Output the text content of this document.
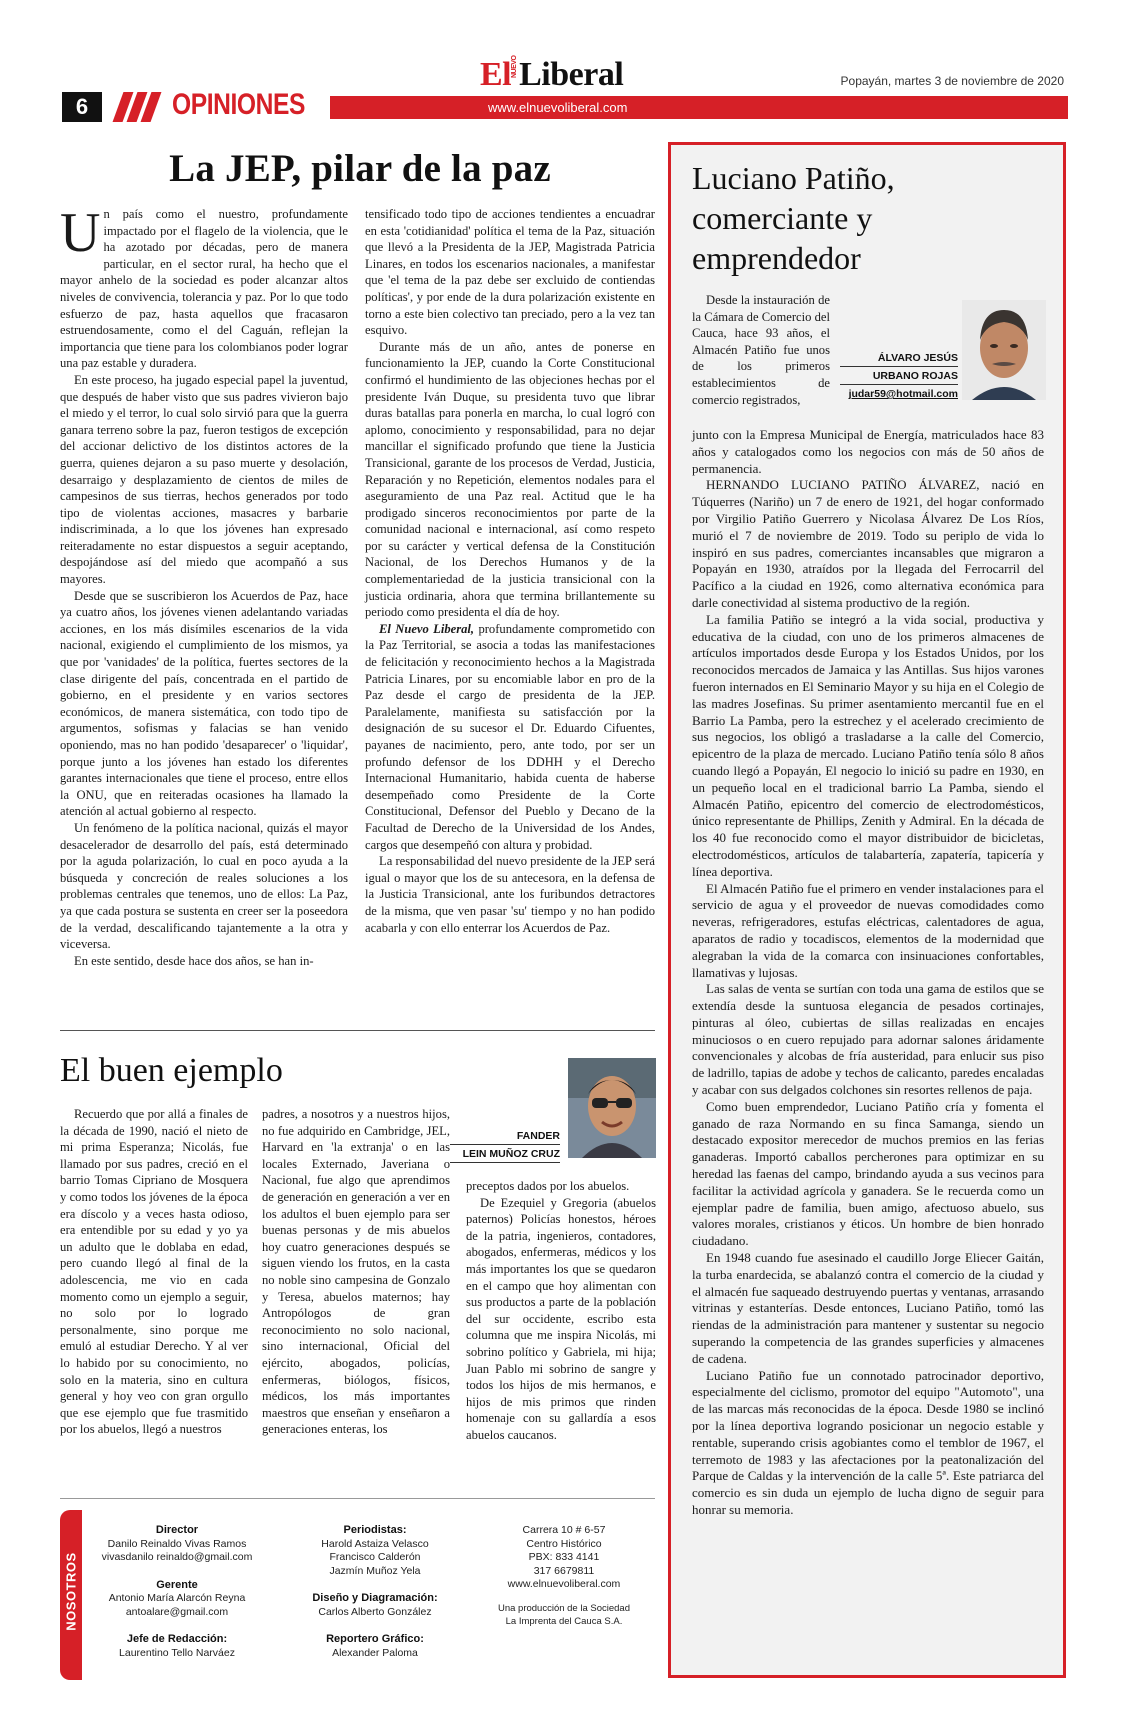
ElNUEVOLiberal	Popayán, martes 3 de noviembre de 2020
6	OPINIONES	www.elnuevoliberal.com
La JEP, pilar de la paz

Un país como el nuestro, profundamente impactado por el flagelo de la violencia, que le ha azotado por décadas, pero de manera particular, en el sector rural, ha hecho que el mayor anhelo de la sociedad es poder alcanzar altos niveles de convivencia, tolerancia y paz. Por lo que todo esfuerzo de paz, hasta aquellos que fracasaron estruendosamente, como el del Caguán, reflejan la importancia que tiene para los colombianos poder lograr una paz estable y duradera.

En este proceso, ha jugado especial papel la juventud, que después de haber visto que sus padres vivieron bajo el miedo y el terror, lo cual solo sirvió para que la guerra ganara terreno sobre la paz, fueron testigos de excepción del accionar delictivo de los distintos actores de la guerra, quienes dejaron a su paso muerte y desolación, desarraigo y desplazamiento de cientos de miles de campesinos de sus tierras, hechos generados por todo tipo de violentas acciones, masacres y barbarie indiscriminada, a lo que los jóvenes han expresado reiteradamente no estar dispuestos a seguir aceptando, despojándose así del miedo que acompañó a sus mayores.

Desde que se suscribieron los Acuerdos de Paz, hace ya cuatro años, los jóvenes vienen adelantando variadas acciones, en los más disímiles escenarios de la vida nacional, exigiendo el cumplimiento de los mismos, ya que por 'vanidades' de la política, fuertes sectores de la clase dirigente del país, concentrada en el partido de gobierno, en el presidente y en varios sectores económicos, de manera sistemática, con todo tipo de argumentos, sofismas y falacias se han venido oponiendo, mas no han podido 'desaparecer' o 'liquidar', porque junto a los jóvenes han estado los diferentes garantes internacionales que tiene el proceso, entre ellos la ONU, que en reiteradas ocasiones ha llamado la atención al actual gobierno al respecto.

Un fenómeno de la política nacional, quizás el mayor desacelerador de desarrollo del país, está determinado por la aguda polarización, lo cual en poco ayuda a la búsqueda y concreción de reales soluciones a los problemas centrales que tenemos, uno de ellos: La Paz, ya que cada postura se sustenta en creer ser la poseedora de la verdad, descalificando tajantemente a la otra y viceversa.

En este sentido, desde hace dos años, se han in-

tensificado todo tipo de acciones tendientes a encuadrar en esta 'cotidianidad' política el tema de la Paz, situación que llevó a la Presidenta de la JEP, Magistrada Patricia Linares, en todos los escenarios nacionales, a manifestar que 'el tema de la paz debe ser excluido de contiendas políticas', y por ende de la dura polarización existente en torno a este bien colectivo tan preciado, pero a la vez tan esquivo.

Durante más de un año, antes de ponerse en funcionamiento la JEP, cuando la Corte Constitucional confirmó el hundimiento de las objeciones hechas por el presidente Iván Duque, su presidenta tuvo que librar duras batallas para ponerla en marcha, lo cual logró con aplomo, conocimiento y responsabilidad, para no dejar mancillar el significado profundo que tiene la Justicia Transicional, garante de los procesos de Verdad, Justicia, Reparación y no Repetición, elementos nodales para el aseguramiento de una Paz real. Actitud que le ha prodigado sinceros reconocimientos por parte de la comunidad nacional e internacional, así como respeto por su carácter y vertical defensa de la Constitución Nacional, de los Derechos Humanos y de la complementariedad de la justicia transicional con la justicia ordinaria, ahora que termina brillantemente su periodo como presidenta el día de hoy.

El Nuevo Liberal, profundamente comprometido con la Paz Territorial, se asocia a todas las manifestaciones de felicitación y reconocimiento hechos a la Magistrada Patricia Linares, por su encomiable labor en pro de la Paz desde el cargo de presidenta de la JEP. Paralelamente, manifiesta su satisfacción por la designación de su sucesor el Dr. Eduardo Cifuentes, payanes de nacimiento, pero, ante todo, por ser un profundo defensor de los DDHH y el Derecho Internacional Humanitario, habida cuenta de haberse desempeñado como Presidente de la Corte Constitucional, Defensor del Pueblo y Decano de la Facultad de Derecho de la Universidad de los Andes, cargos que desempeñó con altura y probidad.

La responsabilidad del nuevo presidente de la JEP será igual o mayor que los de su antecesora, en la defensa de la Justicia Transicional, ante los furibundos detractores de la misma, que ven pasar 'su' tiempo y no han podido acabarla y con ello enterrar los Acuerdos de Paz.

El buen ejemplo
FANDER
LEIN MUÑOZ CRUZ

Recuerdo que por allá a finales de la década de 1990, nació el nieto de mi prima Esperanza; Nicolás, fue llamado por sus padres, creció en el barrio Tomas Cipriano de Mosquera y como todos los jóvenes de la época era díscolo y a veces hasta odioso, era entendible por su edad y yo ya un adulto que le doblaba en edad, pero cuando llegó al final de la adolescencia, me vio en cada momento como un ejemplo a seguir, no solo por lo logrado personalmente, sino porque me emuló al estudiar Derecho. Y al ver lo habido por su conocimiento, no solo en la materia, sino en cultura general y hoy veo con gran orgullo que ese ejemplo que fue trasmitido por los abuelos, llegó a nuestros

padres, a nosotros y a nuestros hijos, no fue adquirido en Cambridge, JEL, Harvard en 'la extranja' o en las locales Externado, Javeriana o Nacional, fue algo que aprendimos de generación en generación a ver en los adultos el buen ejemplo para ser buenas personas y de mis abuelos hoy cuatro generaciones después se siguen viendo los frutos, en la casta no noble sino campesina de Gonzalo y Teresa, abuelos maternos; hay Antropólogos de gran reconocimiento no solo nacional, sino internacional, Oficial del ejército, abogados, policías, enfermeras, biólogos, físicos, médicos, los más importantes maestros que enseñan y enseñaron a generaciones enteras, los

preceptos dados por los abuelos.

De Ezequiel y Gregoria (abuelos paternos) Policías honestos, héroes de la patria, ingenieros, contadores, abogados, enfermeras, médicos y los más importantes los que se quedaron en el campo que hoy alimentan con sus productos a parte de la población del sur occidente, escribo esta columna que me inspira Nicolás, mi sobrino político y Gabriela, mi hija; Juan Pablo mi sobrino de sangre y todos los hijos de mis hermanos, e hijos de mis primos que rinden homenaje con su gallardía a esos abuelos caucanos.

Luciano Patiño, comerciante y emprendedor

Desde la instauración de la Cámara de Comercio del Cauca, hace 93 años, el Almacén Patiño fue unos de los primeros establecimientos de comercio registrados,

ÁLVARO JESÚS
URBANO ROJAS
judar59@hotmail.com

junto con la Empresa Municipal de Energía, matriculados hace 83 años y catalogados como los negocios con más de 50 años de permanencia.

HERNANDO LUCIANO PATIÑO ÁLVAREZ, nació en Túquerres (Nariño) un 7 de enero de 1921, del hogar conformado por Virgilio Patiño Guerrero y Nicolasa Álvarez De Los Ríos, murió el 7 de noviembre de 2019. Todo su periplo de vida lo inspiró en sus padres, comerciantes incansables que migraron a Popayán en 1930, atraídos por la llegada del Ferrocarril del Pacífico a la ciudad en 1926, como alternativa económica para darle conectividad al sistema productivo de la región.

La familia Patiño se integró a la vida social, productiva y educativa de la ciudad, con uno de los primeros almacenes de artículos importados desde Europa y los Estados Unidos, por los reconocidos mercados de Jamaica y las Antillas. Sus hijos varones fueron internados en El Seminario Mayor y su hija en el Colegio de las madres Josefinas. Su primer asentamiento mercantil fue en el Barrio La Pamba, pero la estrechez y el acelerado crecimiento de sus negocios, los obligó a trasladarse a la calle del Comercio, epicentro de la plaza de mercado. Luciano Patiño tenía sólo 8 años cuando llegó a Popayán, El negocio lo inició su padre en 1930, en un pequeño local en el tradicional barrio La Pamba, siendo el Almacén Patiño, epicentro del comercio de electrodomésticos, único representante de Phillips, Zenith y Admiral. En la década de los 40 fue reconocido como el mayor distribuidor de bicicletas, electrodomésticos, artículos de talabartería, zapatería, tapicería y línea deportiva.

El Almacén Patiño fue el primero en vender instalaciones para el servicio de agua y el proveedor de nuevas comodidades como neveras, refrigeradores, estufas eléctricas, calentadores de agua, aparatos de radio y tocadiscos, elementos de la modernidad que alegraban la vida de la comarca con insinuaciones confortables, llamativas y lujosas.

Las salas de venta se surtían con toda una gama de estilos que se extendía desde la suntuosa elegancia de pesados cortinajes, pinturas al óleo, cubiertas de sillas realizadas en encajes minuciosos o en cuero repujado para adornar salones áridamente convencionales y alcobas de fría austeridad, para enlucir sus piso de ladrillo, tapias de adobe y techos de calicanto, paredes encaladas y acabar con sus delgados colchones sin resortes rellenos de paja.

Como buen emprendedor, Luciano Patiño cría y fomenta el ganado de raza Normando en su finca Samanga, siendo un destacado expositor merecedor de muchos premios en las ferias ganaderas. Importó caballos percherones para optimizar en su heredad las faenas del campo, brindando ayuda a sus vecinos para facilitar la actividad agrícola y ganadera. Se le recuerda como un ejemplar padre de familia, buen amigo, afectuoso abuelo, sus valores morales, cristianos y éticos. Un hombre de bien honrado ciudadano.

En 1948 cuando fue asesinado el caudillo Jorge Eliecer Gaitán, la turba enardecida, se abalanzó contra el comercio de la ciudad y el almacén fue saqueado destruyendo puertas y ventanas, arrasando vitrinas y estanterías. Desde entonces, Luciano Patiño, tomó las riendas de la administración para mantener y sustentar su negocio superando la competencia de las grandes superficies y almacenes de cadena.

Luciano Patiño fue un connotado patrocinador deportivo, especialmente del ciclismo, promotor del equipo "Automoto", una de las marcas más reconocidas de la época. Desde 1980 se inclinó por la línea deportiva logrando posicionar un negocio estable y rentable, superando crisis agobiantes como el temblor de 1967, el terremoto de 1983 y las afectaciones por la peatonalización del Parque de Caldas y la intervención de la calle 5ª. Este patriarca del comercio es sin duda un ejemplo de lucha digno de seguir para honrar su memoria.

NOSOTROS
Director
Danilo Reinaldo Vivas Ramos
vivasdanilo reinaldo@gmail.com
Gerente
Antonio María Alarcón Reyna
antoalare@gmail.com
Jefe de Redacción:
Laurentino Tello Narváez
Periodistas:
Harold Astaiza Velasco
Francisco Calderón
Jazmín Muñoz Yela
Diseño y Diagramación:
Carlos Alberto González
Reportero Gráfico:
Alexander Paloma
Carrera 10 # 6-57
Centro Histórico
PBX: 833 4141
317 6679811
www.elnuevoliberal.com
Una producción de la Sociedad
La Imprenta del Cauca S.A.
